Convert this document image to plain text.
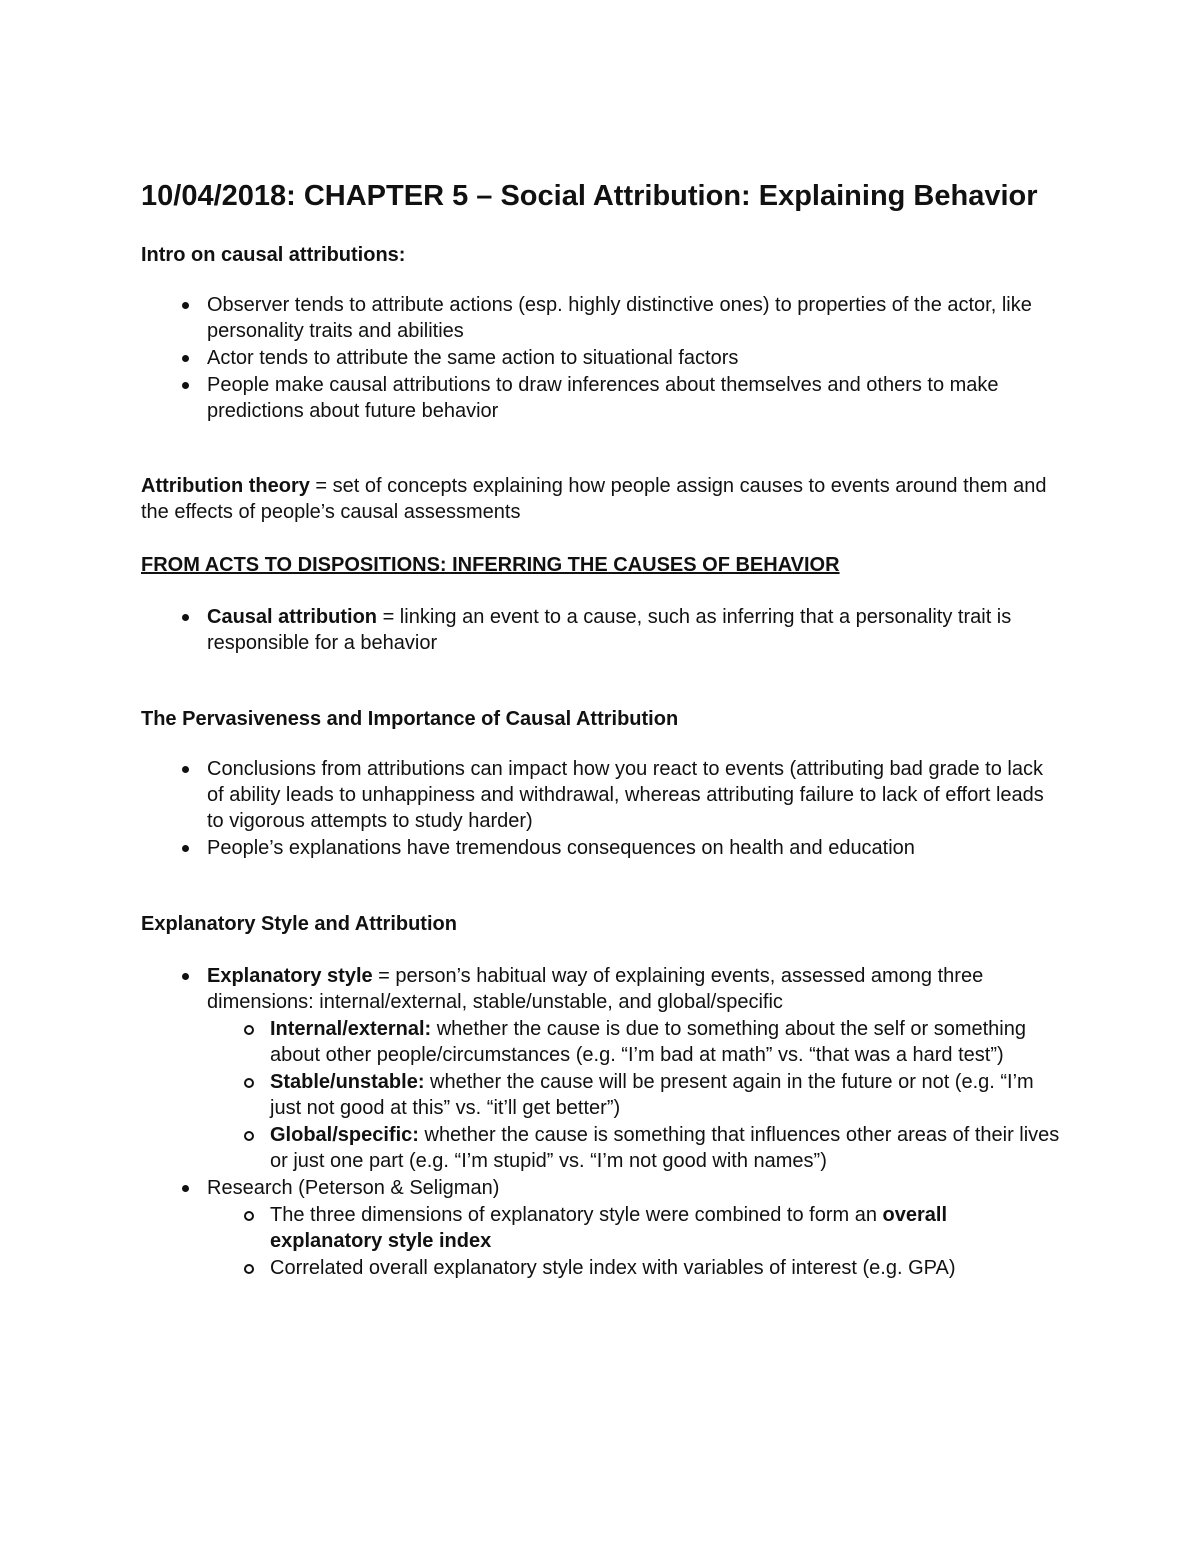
10/04/2018: CHAPTER 5 – Social Attribution: Explaining Behavior
Intro on causal attributions:
Observer tends to attribute actions (esp. highly distinctive ones) to properties of the actor, like personality traits and abilities
Actor tends to attribute the same action to situational factors
People make causal attributions to draw inferences about themselves and others to make predictions about future behavior

Attribution theory = set of concepts explaining how people assign causes to events around them and the effects of people’s causal assessments

FROM ACTS TO DISPOSITIONS: INFERRING THE CAUSES OF BEHAVIOR
Causal attribution = linking an event to a cause, such as inferring that a personality trait is responsible for a behavior
The Pervasiveness and Importance of Causal Attribution
Conclusions from attributions can impact how you react to events (attributing bad grade to lack of ability leads to unhappiness and withdrawal, whereas attributing failure to lack of effort leads to vigorous attempts to study harder)
People’s explanations have tremendous consequences on health and education
Explanatory Style and Attribution
Explanatory style = person’s habitual way of explaining events, assessed among three dimensions: internal/external, stable/unstable, and global/specific
Internal/external: whether the cause is due to something about the self or something about other people/circumstances (e.g. “I’m bad at math” vs. “that was a hard test”)
Stable/unstable: whether the cause will be present again in the future or not (e.g. “I’m just not good at this” vs. “it’ll get better”)
Global/specific: whether the cause is something that influences other areas of their lives or just one part (e.g. “I’m stupid” vs. “I’m not good with names”)
Research (Peterson & Seligman)
The three dimensions of explanatory style were combined to form an overall explanatory style index
Correlated overall explanatory style index with variables of interest (e.g. GPA)
